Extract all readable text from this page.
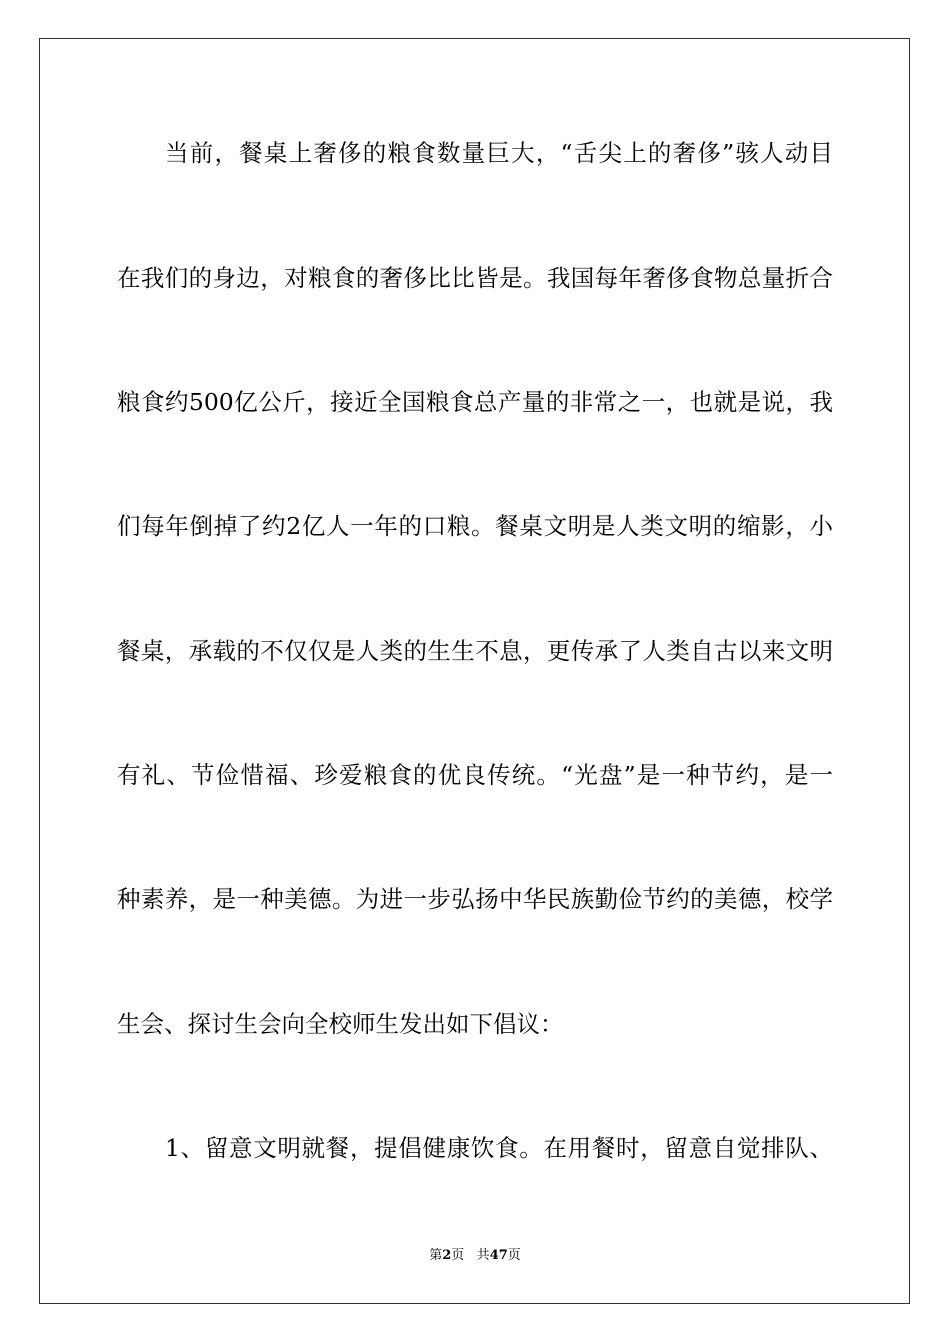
当前，餐桌上奢侈的粮食数量巨大，“舌尖上的奢侈”骇人动目
在我们的身边，对粮食的奢侈比比皆是。我国每年奢侈食物总量折合
粮食约500亿公斤，接近全国粮食总产量的非常之一，也就是说，我
们每年倒掉了约2亿人一年的口粮。餐桌文明是人类文明的缩影，小
餐桌，承载的不仅仅是人类的生生不息，更传承了人类自古以来文明
有礼、节俭惜福、珍爱粮食的优良传统。“光盘”是一种节约，是一
种素养，是一种美德。为进一步弘扬中华民族勤俭节约的美德，校学
生会、探讨生会向全校师生发出如下倡议：
1、留意文明就餐，提倡健康饮食。在用餐时，留意自觉排队、
第2页 共47页
